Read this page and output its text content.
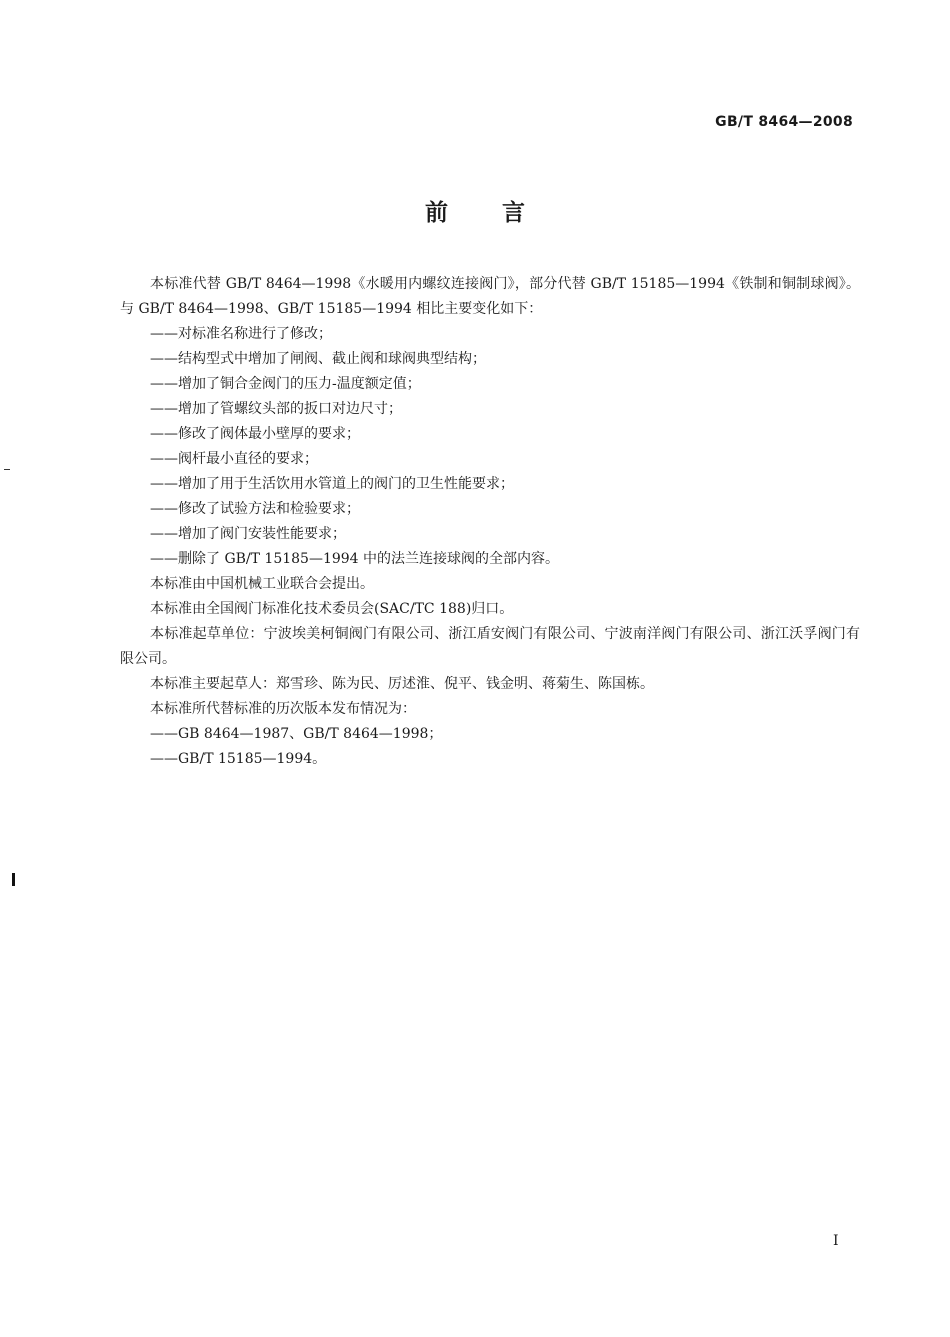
GB/T 8464—2008
前言

本标准代替 GB/T 8464—1998《水暖用内螺纹连接阀门》，部分代替 GB/T 15185—1994《铁制和铜制球阀》。与 GB/T 8464—1998、GB/T 15185—1994 相比主要变化如下：

——对标准名称进行了修改；

——结构型式中增加了闸阀、截止阀和球阀典型结构；

——增加了铜合金阀门的压力-温度额定值；

——增加了管螺纹头部的扳口对边尺寸；

——修改了阀体最小壁厚的要求；

——阀杆最小直径的要求；

——增加了用于生活饮用水管道上的阀门的卫生性能要求；

——修改了试验方法和检验要求；

——增加了阀门安装性能要求；

——删除了 GB/T 15185—1994 中的法兰连接球阀的全部内容。

本标准由中国机械工业联合会提出。

本标准由全国阀门标准化技术委员会(SAC/TC 188)归口。

本标准起草单位：宁波埃美柯铜阀门有限公司、浙江盾安阀门有限公司、宁波南洋阀门有限公司、浙江沃孚阀门有限公司。

本标准主要起草人：郑雪珍、陈为民、厉述淮、倪平、钱金明、蒋菊生、陈国栋。

本标准所代替标准的历次版本发布情况为：

——GB 8464—1987、GB/T 8464—1998；

——GB/T 15185—1994。

I
